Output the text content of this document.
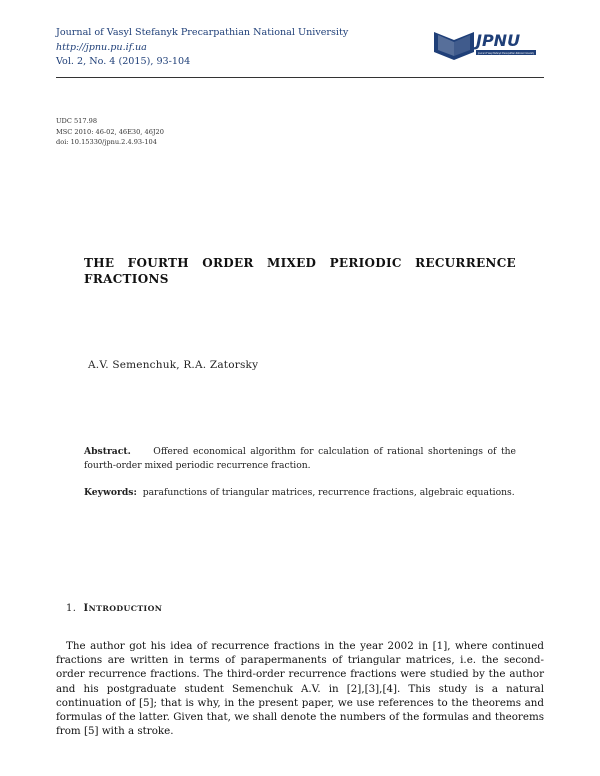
Journal of Vasyl Stefanyk Precarpathian National University
http://jpnu.pu.if.ua
Vol. 2, No. 4 (2015), 93-104
JPNU
Journal of Vasyl Stefanyk Precarpathian National University
UDC 517.98
MSC 2010: 46-02, 46E30, 46J20
doi: 10.15330/jpnu.2.4.93-104
THE FOURTH ORDER MIXED PERIODIC RECURRENCE FRACTIONS
A.V. Semenchuk, R.A. Zatorsky
Abstract. Offered economical algorithm for calculation of rational shortenings of the fourth-order mixed periodic recurrence fraction.
Keywords: parafunctions of triangular matrices, recurrence fractions, algebraic equations.
1. INTRODUCTION
The author got his idea of recurrence fractions in the year 2002 in [1], where continued fractions are written in terms of parapermanents of triangular matrices, i.e. the second-order recurrence fractions. The third-order recurrence fractions were studied by the author and his postgraduate student Semenchuk A.V. in [2],[3],[4]. This study is a natural continuation of [5]; that is why, in the present paper, we use references to the theorems and formulas of the latter. Given that, we shall denote the numbers of the formulas and theorems from [5] with a stroke.
